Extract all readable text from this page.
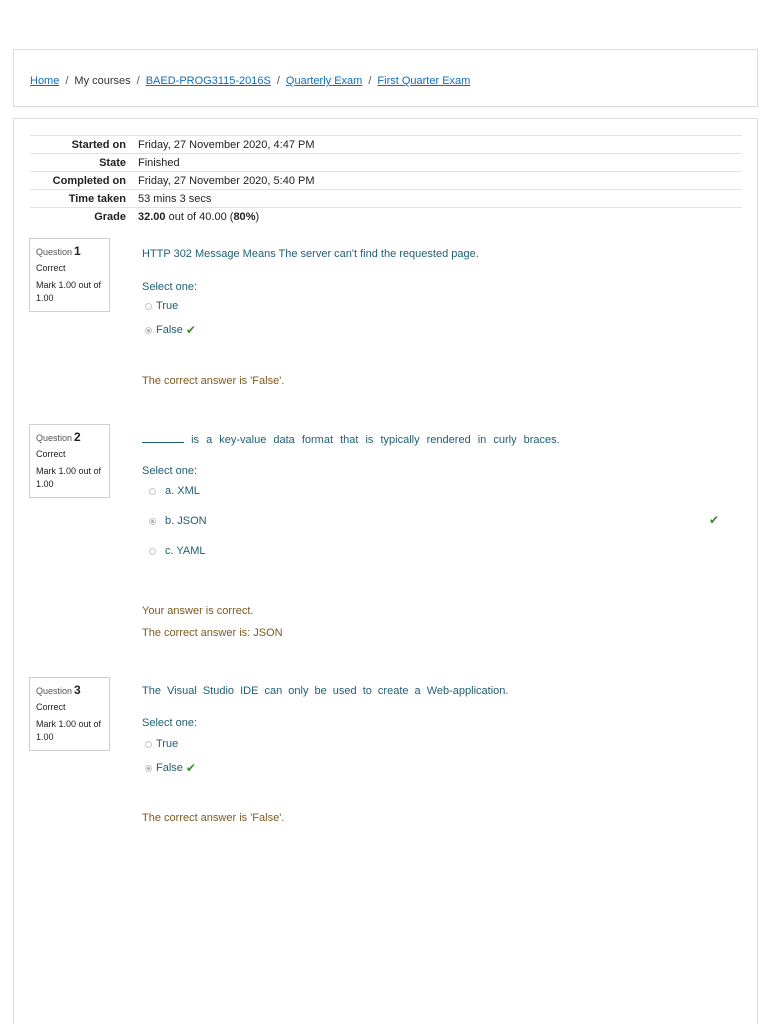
Home / My courses / BAED-PROG3115-2016S / Quarterly Exam / First Quarter Exam
Started on	Friday, 27 November 2020, 4:47 PM
State	Finished
Completed on	Friday, 27 November 2020, 5:40 PM
Time taken	53 mins 3 secs
Grade	32.00 out of 40.00 (80%)
Question 1
Correct
Mark 1.00 out of 1.00
HTTP 302 Message Means The server can't find the requested page.
Select one:
True
False ✔
The correct answer is 'False'.
Question 2
Correct
Mark 1.00 out of 1.00
is a key-value data format that is typically rendered in curly braces.
Select one:
a. XML
b. JSON	✔
c. YAML
Your answer is correct.
The correct answer is: JSON
Question 3
Correct
Mark 1.00 out of 1.00
The Visual Studio IDE can only be used to create a Web-application.
Select one:
True
False ✔
The correct answer is 'False'.
